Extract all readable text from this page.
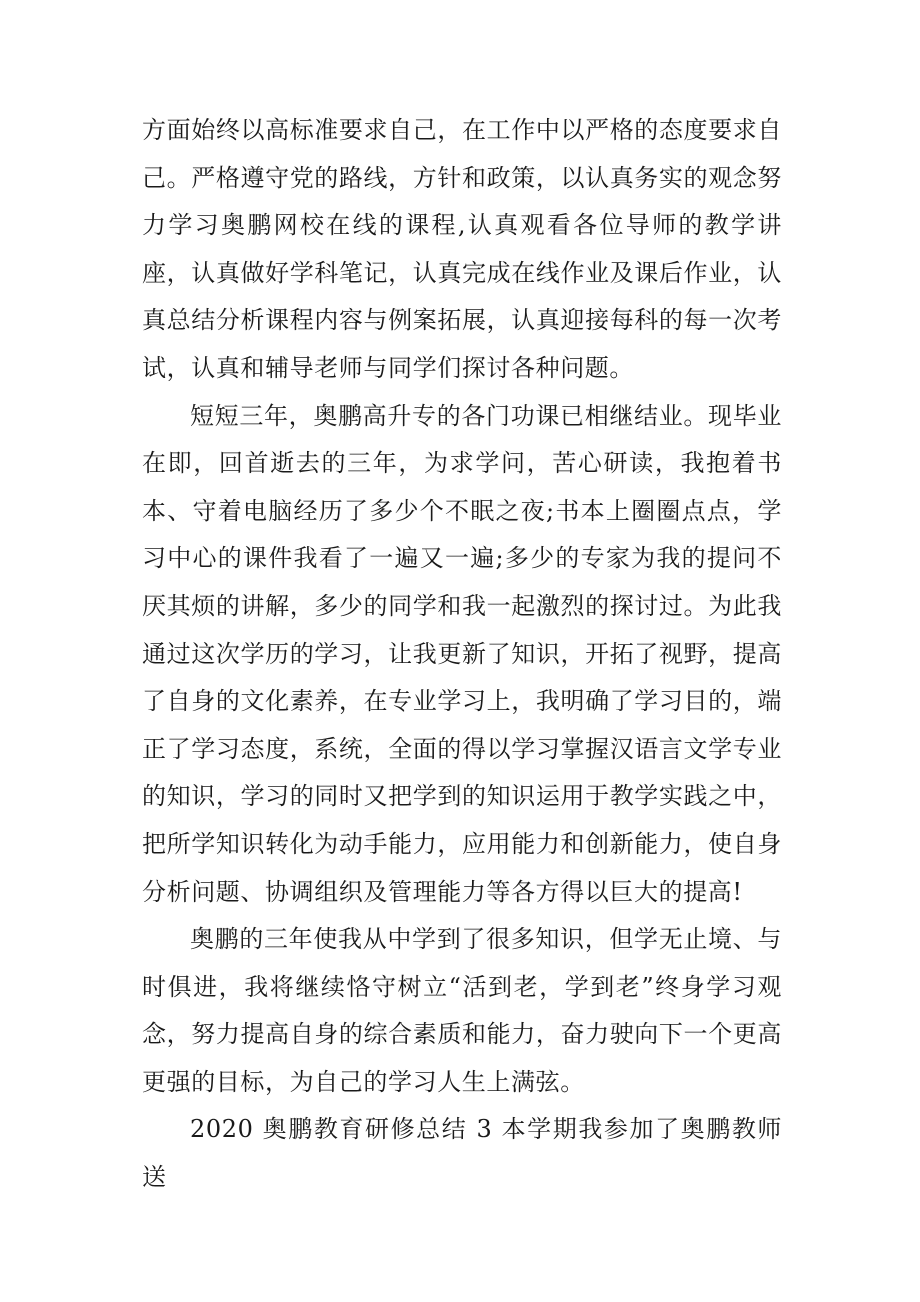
方面始终以高标准要求自己，在工作中以严格的态度要求自己。严格遵守党的路线，方针和政策，以认真务实的观念努力学习奥鹏网校在线的课程,认真观看各位导师的教学讲座，认真做好学科笔记，认真完成在线作业及课后作业，认真总结分析课程内容与例案拓展，认真迎接每科的每一次考试，认真和辅导老师与同学们探讨各种问题。

短短三年，奥鹏高升专的各门功课已相继结业。现毕业在即，回首逝去的三年，为求学问，苦心研读，我抱着书本、守着电脑经历了多少个不眠之夜;书本上圈圈点点，学习中心的课件我看了一遍又一遍;多少的专家为我的提问不厌其烦的讲解，多少的同学和我一起激烈的探讨过。为此我通过这次学历的学习，让我更新了知识，开拓了视野，提高了自身的文化素养，在专业学习上，我明确了学习目的，端正了学习态度，系统，全面的得以学习掌握汉语言文学专业的知识，学习的同时又把学到的知识运用于教学实践之中，把所学知识转化为动手能力，应用能力和创新能力，使自身分析问题、协调组织及管理能力等各方得以巨大的提高!

奥鹏的三年使我从中学到了很多知识，但学无止境、与时俱进，我将继续恪守树立“活到老，学到老”终身学习观念，努力提高自身的综合素质和能力，奋力驶向下一个更高更强的目标，为自己的学习人生上满弦。

2020 奥鹏教育研修总结 3 本学期我参加了奥鹏教师送
